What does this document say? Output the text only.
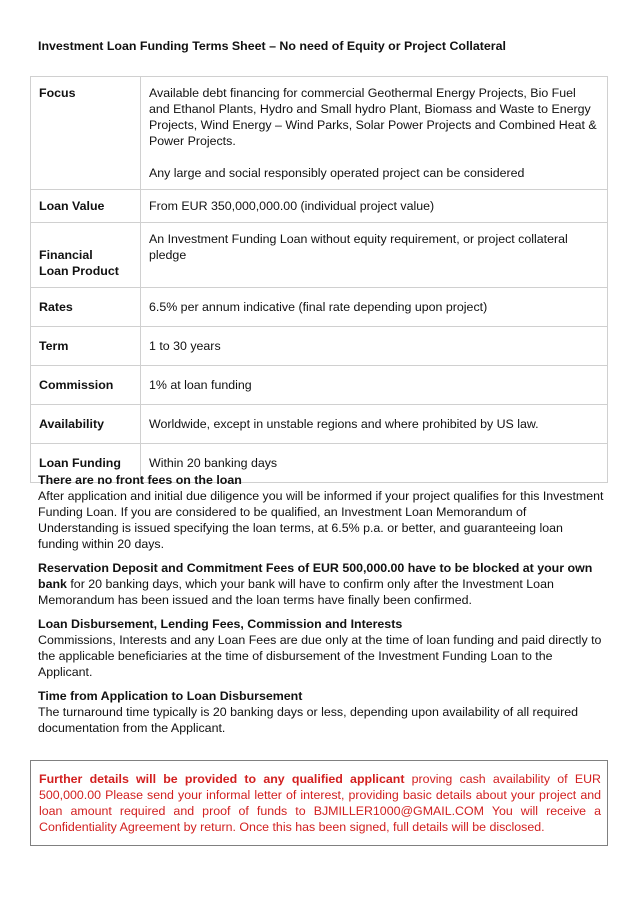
Investment Loan Funding Terms Sheet – No need of Equity or Project Collateral
Focus	Available debt financing for commercial Geothermal Energy Projects, Bio Fuel and Ethanol Plants, Hydro and Small hydro Plant, Biomass and Waste to Energy Projects, Wind Energy – Wind Parks, Solar Power Projects and Combined Heat & Power Projects.
Any large and social responsibly operated project can be considered

Loan Value	From EUR 350,000,000.00 (individual project value)

Financial
Loan Product	An Investment Funding Loan without equity requirement, or project collateral pledge
Rates	6.5% per annum indicative (final rate depending upon project)
Term	1 to 30 years
Commission	1% at loan funding
Availability	Worldwide, except in unstable regions and where prohibited by US law.
Loan Funding	Within 20 banking days
There are no front fees on the loan
After application and initial due diligence you will be informed if your project qualifies for this Investment Funding Loan. If you are considered to be qualified, an Investment Loan Memorandum of Understanding is issued specifying the loan terms, at 6.5% p.a. or better, and guaranteeing loan funding within 20 days.
Reservation Deposit and Commitment Fees of EUR 500,000.00 have to be blocked at your own bank for 20 banking days, which your bank will have to confirm only after the Investment Loan Memorandum has been issued and the loan terms have finally been confirmed.
Loan Disbursement, Lending Fees, Commission and Interests
Commissions, Interests and any Loan Fees are due only at the time of loan funding and paid directly to the applicable beneficiaries at the time of disbursement of the Investment Funding Loan to the Applicant.
Time from Application to Loan Disbursement
The turnaround time typically is 20 banking days or less, depending upon availability of all required documentation from the Applicant.
Further details will be provided to any qualified applicant proving cash availability of EUR 500,000.00 Please send your informal letter of interest, providing basic details about your project and loan amount required and proof of funds to BJMILLER1000@GMAIL.COM You will receive a Confidentiality Agreement by return. Once this has been signed, full details will be disclosed.
